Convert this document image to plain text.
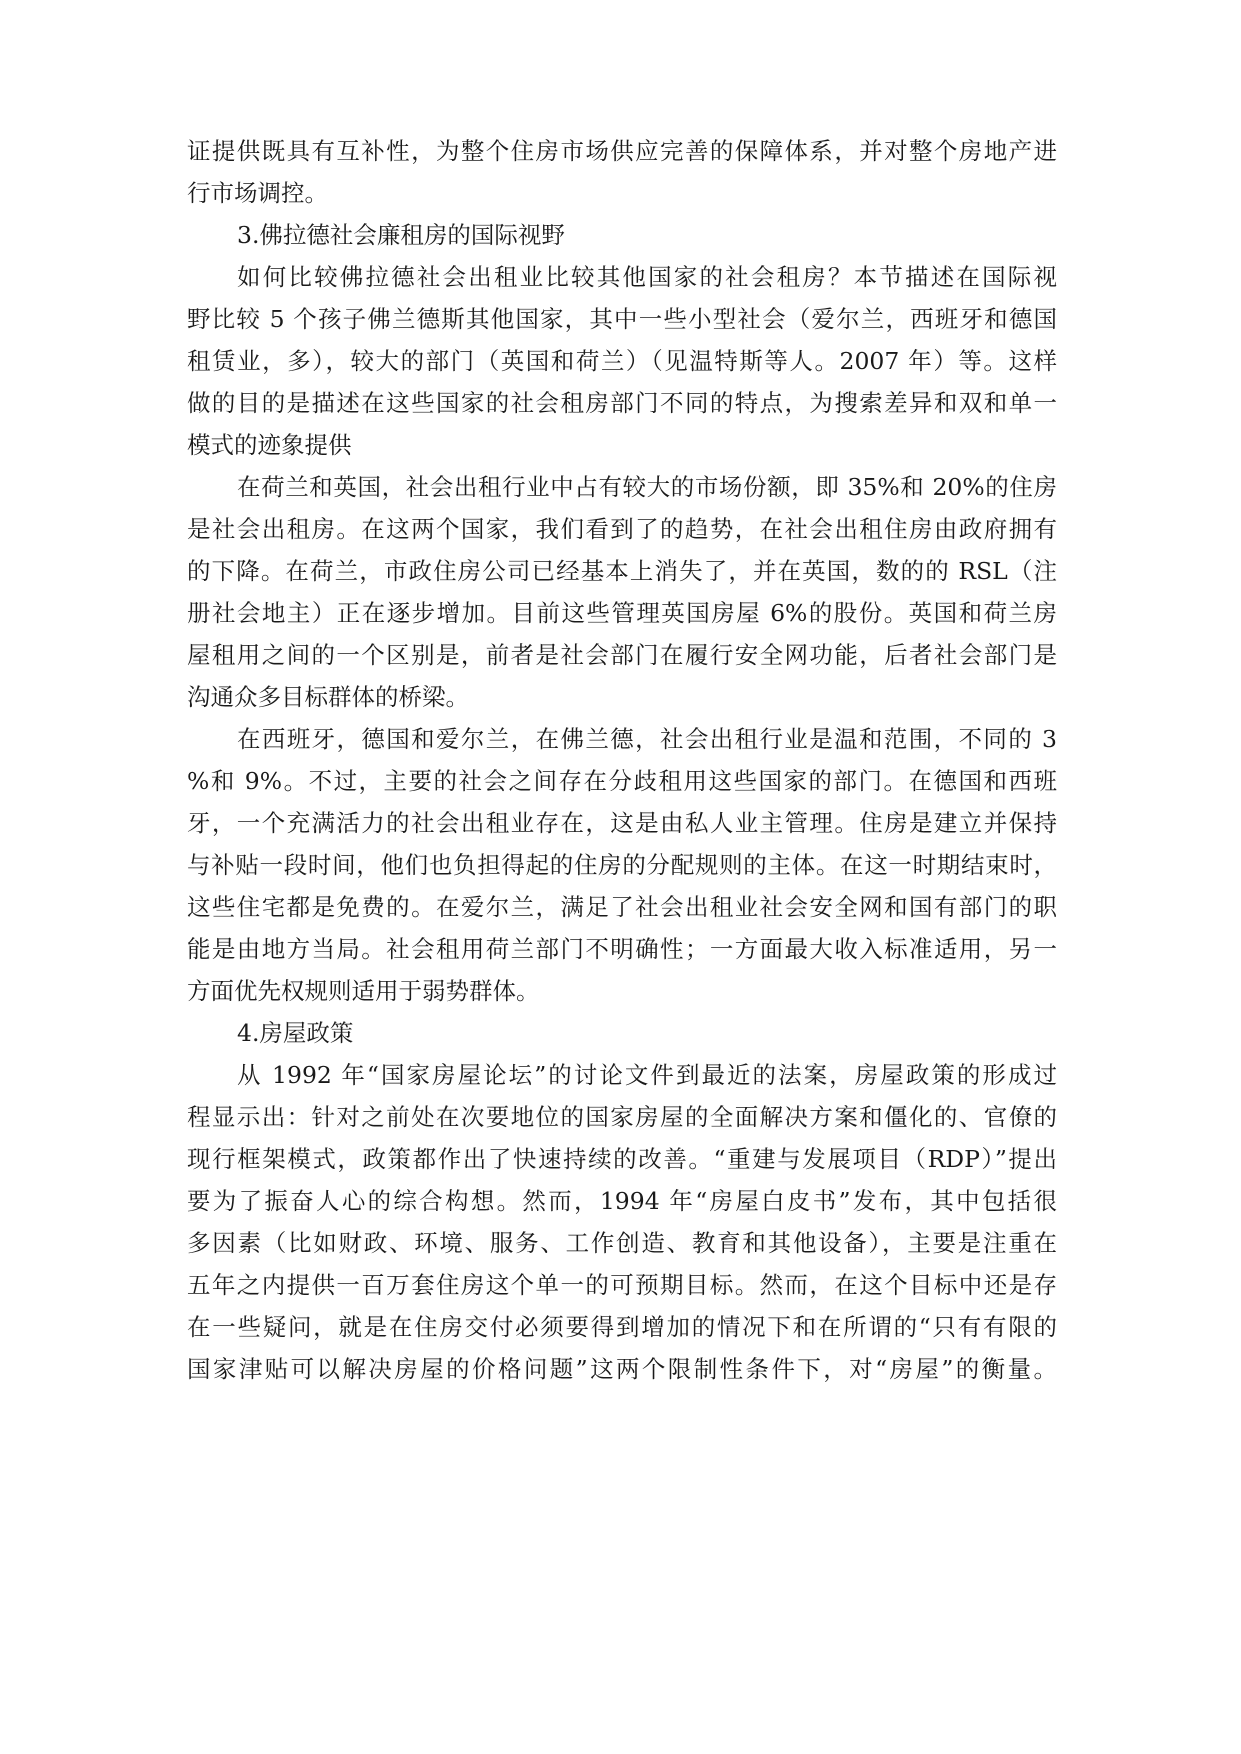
证提供既具有互补性，为整个住房市场供应完善的保障体系，并对整个房地产进
行市场调控。
3.佛拉德社会廉租房的国际视野
如何比较佛拉德社会出租业比较其他国家的社会租房？本节描述在国际视
野比较 5 个孩子佛兰德斯其他国家，其中一些小型社会（爱尔兰，西班牙和德国
租赁业，多），较大的部门（英国和荷兰）（见温特斯等人。2007 年）等。这样
做的目的是描述在这些国家的社会租房部门不同的特点，为搜索差异和双和单一
模式的迹象提供
在荷兰和英国，社会出租行业中占有较大的市场份额，即 35%和 20%的住房
是社会出租房。在这两个国家，我们看到了的趋势，在社会出租住房由政府拥有
的下降。在荷兰，市政住房公司已经基本上消失了，并在英国，数的的 RSL（注
册社会地主）正在逐步增加。目前这些管理英国房屋 6%的股份。英国和荷兰房
屋租用之间的一个区别是，前者是社会部门在履行安全网功能，后者社会部门是
沟通众多目标群体的桥梁。
在西班牙，德国和爱尔兰，在佛兰德，社会出租行业是温和范围，不同的 3
%和 9%。不过，主要的社会之间存在分歧租用这些国家的部门。在德国和西班
牙，一个充满活力的社会出租业存在，这是由私人业主管理。住房是建立并保持
与补贴一段时间，他们也负担得起的住房的分配规则的主体。在这一时期结束时，
这些住宅都是免费的。在爱尔兰，满足了社会出租业社会安全网和国有部门的职
能是由地方当局。社会租用荷兰部门不明确性；一方面最大收入标准适用，另一
方面优先权规则适用于弱势群体。
4.房屋政策
从 1992 年“国家房屋论坛”的讨论文件到最近的法案，房屋政策的形成过
程显示出：针对之前处在次要地位的国家房屋的全面解决方案和僵化的、官僚的
现行框架模式，政策都作出了快速持续的改善。“重建与发展项目（RDP）”提出
要为了振奋人心的综合构想。然而，1994 年“房屋白皮书”发布，其中包括很
多因素（比如财政、环境、服务、工作创造、教育和其他设备），主要是注重在
五年之内提供一百万套住房这个单一的可预期目标。然而，在这个目标中还是存
在一些疑问，就是在住房交付必须要得到增加的情况下和在所谓的“只有有限的
国家津贴可以解决房屋的价格问题”这两个限制性条件下，对“房屋”的衡量。
